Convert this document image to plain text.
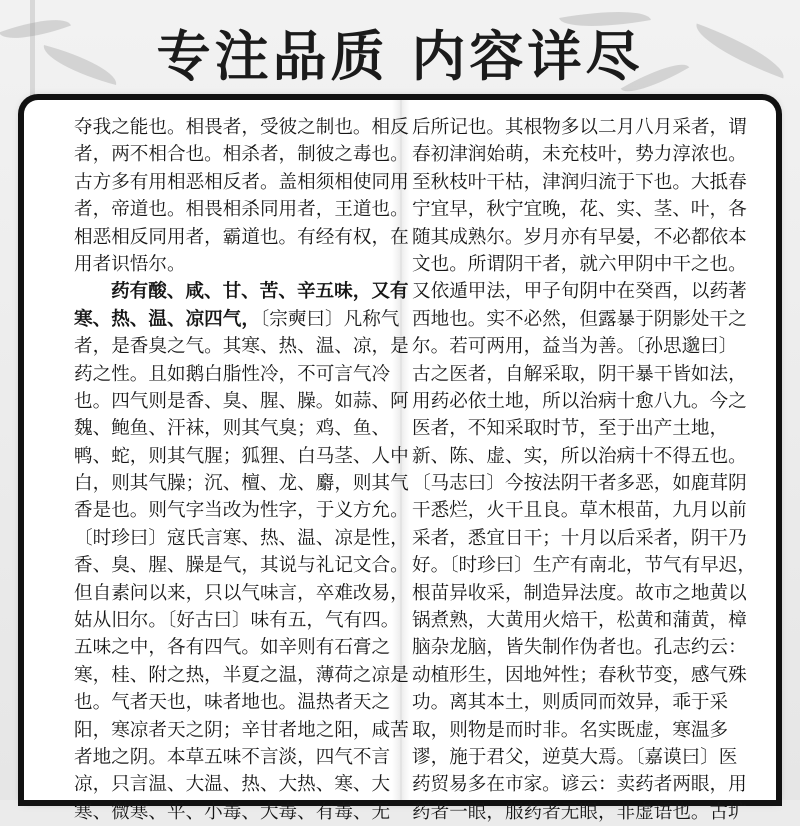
专注品质 内容详尽
夺我之能也。相畏者，受彼之制也。相反
者，两不相合也。相杀者，制彼之毒也。
古方多有用相恶相反者。盖相须相使同用
者，帝道也。相畏相杀同用者，王道也。
相恶相反同用者，霸道也。有经有权，在
用者识悟尔。
药有酸、咸、甘、苦、辛五味，又有
寒、热、温、凉四气，〔宗奭曰〕凡称气
者，是香臭之气。其寒、热、温、凉，是
药之性。且如鹅白脂性冷，不可言气冷
也。四气则是香、臭、腥、臊。如蒜、阿
魏、鲍鱼、汗袜，则其气臭；鸡、鱼、
鸭、蛇，则其气腥；狐狸、白马茎、人中
白，则其气臊；沉、檀、龙、麝，则其气
香是也。则气字当改为性字，于义方允。
〔时珍曰〕寇氏言寒、热、温、凉是性，
香、臭、腥、臊是气，其说与礼记文合。
但自素问以来，只以气味言，卒难改易，
姑从旧尔。〔好古曰〕味有五，气有四。
五味之中，各有四气。如辛则有石膏之
寒，桂、附之热，半夏之温，薄荷之凉是
也。气者天也，味者地也。温热者天之
阳，寒凉者天之阴；辛甘者地之阳，咸苦
者地之阴。本草五味不言淡，四气不言
凉，只言温、大温、热、大热、寒、大
寒、微寒、平、小毒、大毒、有毒、无
后所记也。其根物多以二月八月采者，谓
春初津润始萌，未充枝叶，势力淳浓也。
至秋枝叶干枯，津润归流于下也。大抵春
宁宜早，秋宁宜晚，花、实、茎、叶，各
随其成熟尔。岁月亦有早晏，不必都依本
文也。所谓阴干者，就六甲阴中干之也。
又依遁甲法，甲子旬阴中在癸酉，以药著
西地也。实不必然，但露暴于阴影处干之
尔。若可两用，益当为善。〔孙思邈曰〕
古之医者，自解采取，阴干暴干皆如法，
用药必依土地，所以治病十愈八九。今之
医者，不知采取时节，至于出产土地，
新、陈、虚、实，所以治病十不得五也。
〔马志曰〕今按法阴干者多恶，如鹿茸阴
干悉烂，火干且良。草木根苗，九月以前
采者，悉宜日干；十月以后采者，阴干乃
好。〔时珍曰〕生产有南北，节气有早迟，
根苗异收采，制造异法度。故市之地黄以
锅煮熟，大黄用火焙干，松黄和蒲黄，樟
脑杂龙脑，皆失制作伪者也。孔志约云：
动植形生，因地舛性；春秋节变，感气殊
功。离其本土，则质同而效异，乖于采
取，则物是而时非。名实既虚，寒温多
谬，施于君父，逆莫大焉。〔嘉谟曰〕医
药贸易多在市家。谚云：卖药者两眼，用
药者一眼，服药者无眼，非虚语也。古圹
